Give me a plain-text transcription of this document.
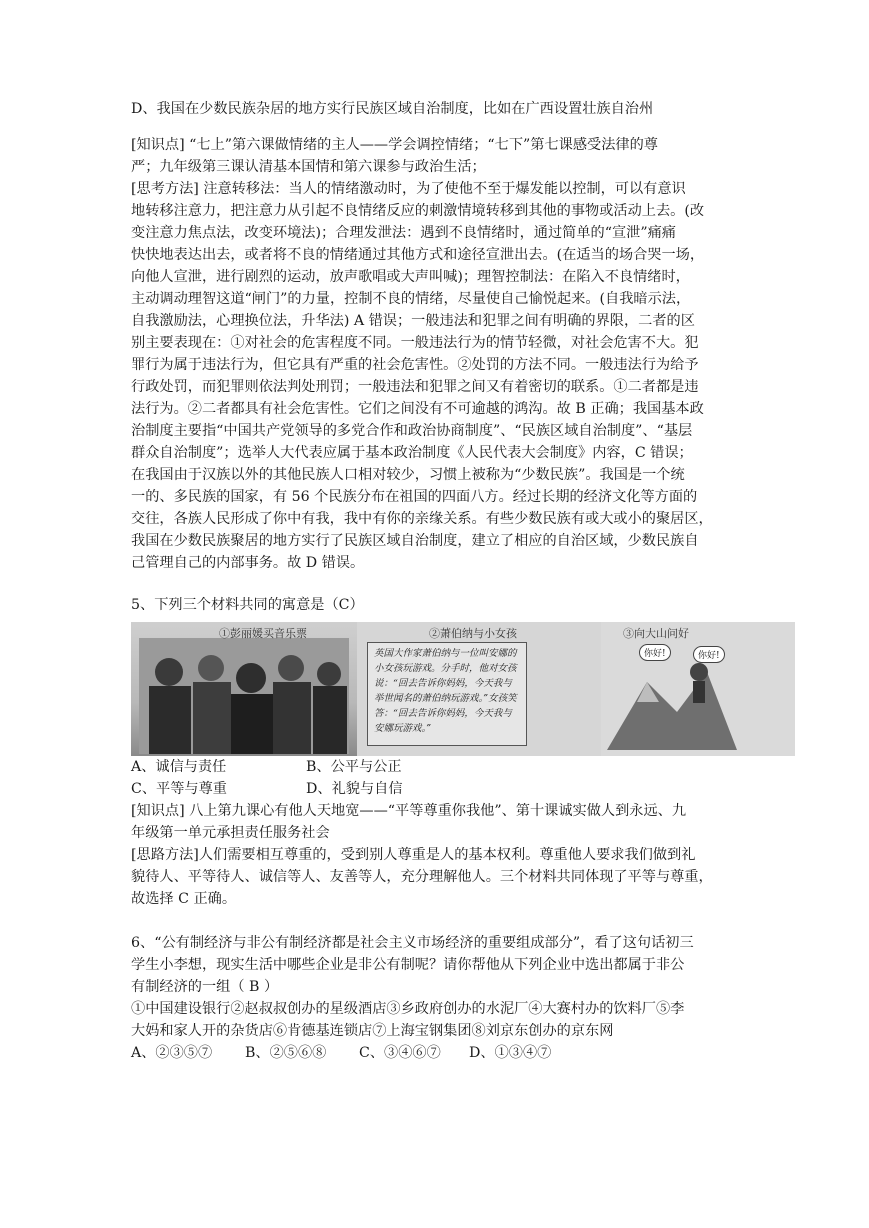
D、我国在少数民族杂居的地方实行民族区域自治制度，比如在广西设置壮族自治州
[知识点] “七上”第六课做情绪的主人——学会调控情绪；“七下”第七课感受法律的尊
严；九年级第三课认清基本国情和第六课参与政治生活；
[思考方法] 注意转移法：当人的情绪激动时，为了使他不至于爆发能以控制，可以有意识
地转移注意力，把注意力从引起不良情绪反应的刺激情境转移到其他的事物或活动上去。(改
变注意力焦点法，改变环境法)；合理发泄法：遇到不良情绪时，通过简单的“宣泄”痛痛
快快地表达出去，或者将不良的情绪通过其他方式和途径宣泄出去。(在适当的场合哭一场，
向他人宣泄，进行剧烈的运动，放声歌唱或大声叫喊)；理智控制法：在陷入不良情绪时，
主动调动理智这道“闸门”的力量，控制不良的情绪，尽量使自己愉悦起来。(自我暗示法，
自我激励法，心理换位法，升华法) A 错误；一般违法和犯罪之间有明确的界限，二者的区
别主要表现在：①对社会的危害程度不同。一般违法行为的情节轻微，对社会危害不大。犯
罪行为属于违法行为，但它具有严重的社会危害性。②处罚的方法不同。一般违法行为给予
行政处罚，而犯罪则依法判处刑罚；一般违法和犯罪之间又有着密切的联系。①二者都是违
法行为。②二者都具有社会危害性。它们之间没有不可逾越的鸿沟。故 B 正确；我国基本政
治制度主要指“中国共产党领导的多党合作和政治协商制度”、“民族区域自治制度”、“基层
群众自治制度”；选举人大代表应属于基本政治制度《人民代表大会制度》内容，C 错误；
在我国由于汉族以外的其他民族人口相对较少，习惯上被称为“少数民族”。我国是一个统
一的、多民族的国家，有 56 个民族分布在祖国的四面八方。经过长期的经济文化等方面的
交往，各族人民形成了你中有我，我中有你的亲缘关系。有些少数民族有或大或小的聚居区，
我国在少数民族聚居的地方实行了民族区域自治制度，建立了相应的自治区域，少数民族自
己管理自己的内部事务。故 D 错误。
5、下列三个材料共同的寓意是（C）
①彭丽媛买音乐票	②萧伯纳与小女孩
英国大作家萧伯纳与一位叫安娜的小女孩玩游戏。分手时，他对女孩说：“回去告诉你妈妈，今天我与举世闻名的萧伯纳玩游戏。”女孩笑答：“回去告诉你妈妈，今天我与安娜玩游戏。”
③向大山问好
你好!	你好!
A、诚信与责任	B、公平与公正
C、平等与尊重	D、礼貌与自信
[知识点] 八上第九课心有他人天地宽——“平等尊重你我他”、第十课诚实做人到永远、九
年级第一单元承担责任服务社会
[思路方法]人们需要相互尊重的，受到别人尊重是人的基本权利。尊重他人要求我们做到礼
貌待人、平等待人、诚信等人、友善等人，充分理解他人。三个材料共同体现了平等与尊重，
故选择 C 正确。
6、“公有制经济与非公有制经济都是社会主义市场经济的重要组成部分”，看了这句话初三
学生小李想，现实生活中哪些企业是非公有制呢？请你帮他从下列企业中选出都属于非公
有制经济的一组（ B ）
①中国建设银行②赵叔叔创办的星级酒店③乡政府创办的水泥厂④大赛村办的饮料厂⑤李
大妈和家人开的杂货店⑥肯德基连锁店⑦上海宝钢集团⑧刘京东创办的京东网
A、②③⑤⑦ B、②⑤⑥⑧ C、③④⑥⑦ D、①③④⑦
